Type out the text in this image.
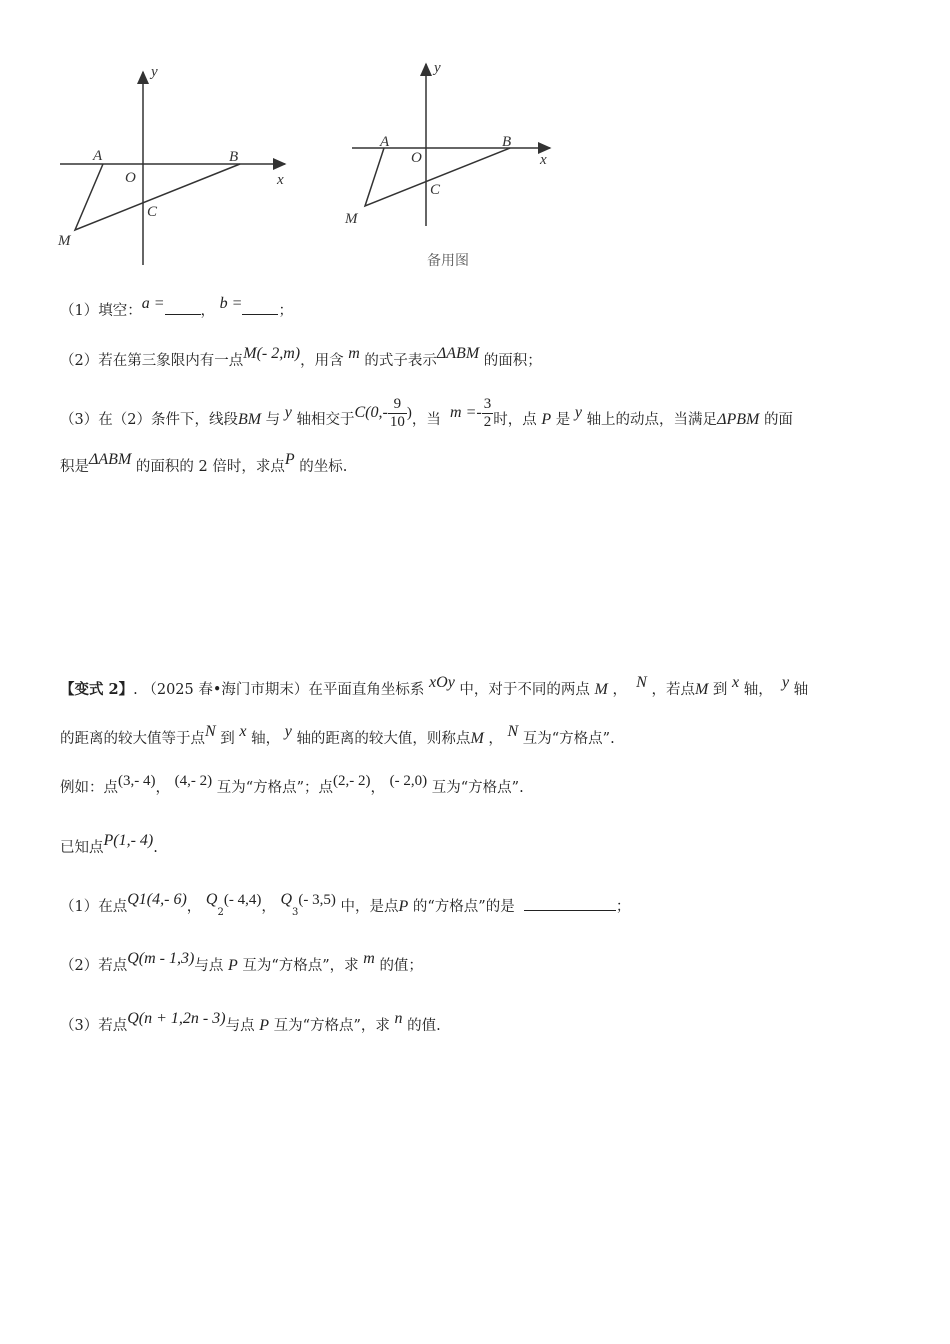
y
x
A	B
O
C
M
y
x
A	B
O
C
M
备用图
（1）填空：a = ， b = ；
（2）若在第三象限内有一点M(- 2,m)，用含 m 的式子表示ΔABM 的面积；
（3）在（2）条件下，线段BM 与 y 轴相交于$C(0,- \frac{9}{10}$ )，当 $m =- \frac{3}{2}$ 时，点 P 是 y 轴上的动点，当满足ΔPBM 的面
积是ΔABM 的面积的 2 倍时，求点P 的坐标.
【变式 2】. （2025 春•海门市期末）在平面直角坐标系 xOy 中，对于不同的两点 M ， N ，若点M 到 x 轴， y 轴
的距离的较大值等于点N 到 x 轴， y 轴的距离的较大值，则称点M ， N 互为“方格点”.
例如：点(3,- 4)， (4,- 2) 互为“方格点”；点(2,- 2)， (- 2,0) 互为“方格点”.
已知点P(1,- 4).
（1）在点Q1(4,- 6)， $Q_2(-$ 4,4)， $Q_3(-$ 3,5) 中，是点P 的“方格点”的是	；
（2）若点Q(m - 1,3)与点 P 互为“方格点”，求 m 的值；
（3）若点Q(n + 1,2n - 3)与点 P 互为“方格点”，求 n 的值.
